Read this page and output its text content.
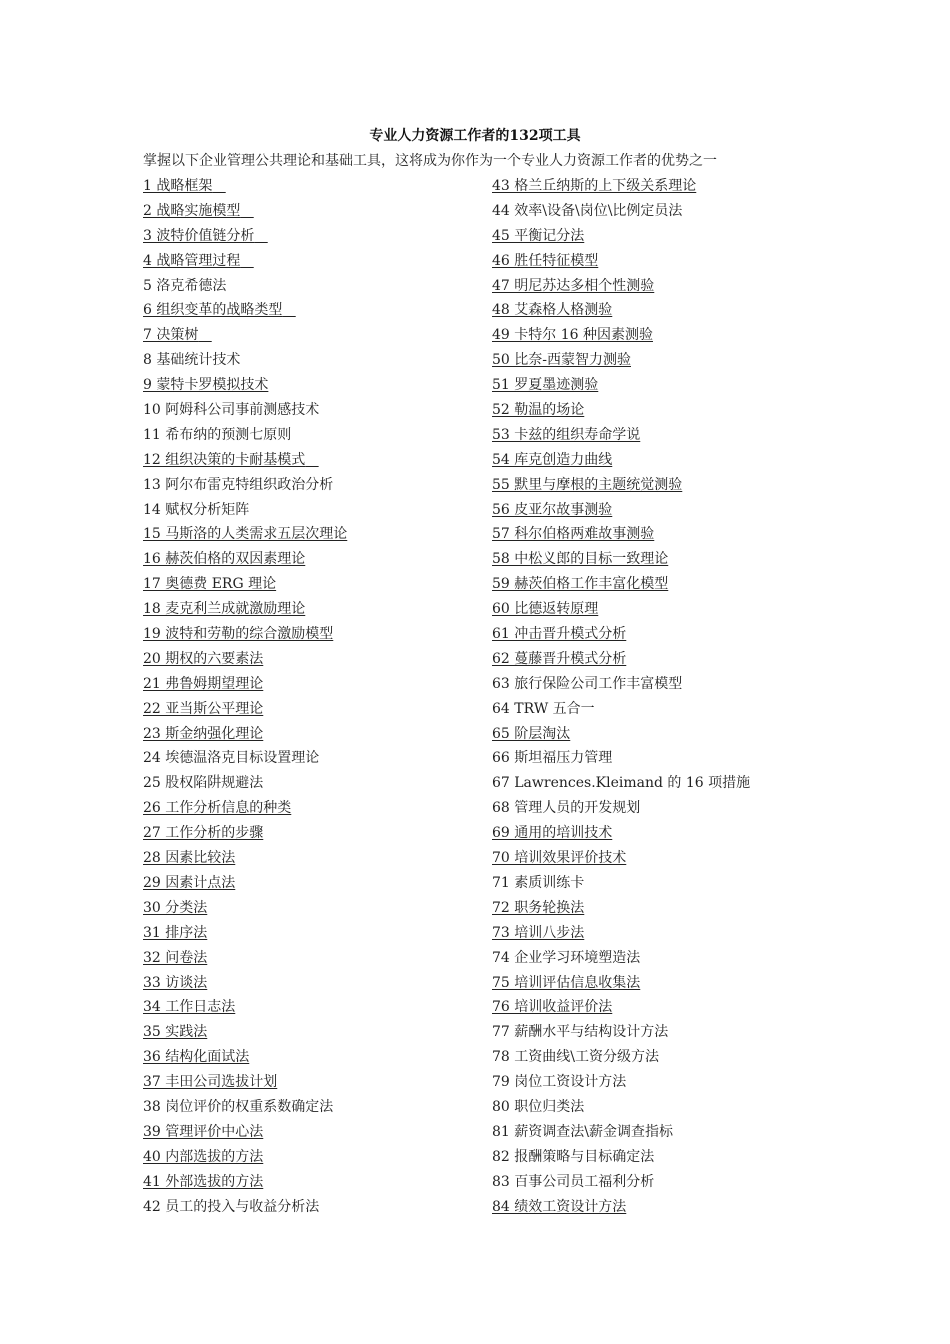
专业人力资源工作者的132项工具
掌握以下企业管理公共理论和基础工具，这将成为你作为一个专业人力资源工作者的优势之一
1 战略框架
2 战略实施模型
3 波特价值链分析
4 战略管理过程
5 洛克希德法
6 组织变革的战略类型
7 决策树
8 基础统计技术
9 蒙特卡罗模拟技术
10 阿姆科公司事前测感技术
11 希布纳的预测七原则
12 组织决策的卡耐基模式
13 阿尔布雷克特组织政治分析
14 赋权分析矩阵
15 马斯洛的人类需求五层次理论
16 赫茨伯格的双因素理论
17 奥德费 ERG 理论
18 麦克利兰成就激励理论
19 波特和劳勒的综合激励模型
20 期权的六要素法
21 弗鲁姆期望理论
22 亚当斯公平理论
23 斯金纳强化理论
24 埃德温洛克目标设置理论
25 股权陷阱规避法
26 工作分析信息的种类
27 工作分析的步骤
28 因素比较法
29 因素计点法
30 分类法
31 排序法
32 问卷法
33 访谈法
34 工作日志法
35 实践法
36 结构化面试法
37 丰田公司选拔计划
38 岗位评价的权重系数确定法
39 管理评价中心法
40 内部选拔的方法
41 外部选拔的方法
42 员工的投入与收益分析法
43 格兰丘纳斯的上下级关系理论
44 效率\设备\岗位\比例定员法
45 平衡记分法
46 胜任特征模型
47 明尼苏达多相个性测验
48 艾森格人格测验
49 卡特尔 16 种因素测验
50 比奈-西蒙智力测验
51 罗夏墨迹测验
52 勒温的场论
53 卡兹的组织寿命学说
54 库克创造力曲线
55 默里与摩根的主题统觉测验
56 皮亚尔故事测验
57 科尔伯格两难故事测验
58 中松义郎的目标一致理论
59 赫茨伯格工作丰富化模型
60 比德返转原理
61 冲击晋升模式分析
62 蔓藤晋升模式分析
63 旅行保险公司工作丰富模型
64 TRW 五合一
65 阶层淘汰
66 斯坦福压力管理
67 Lawrences.Kleimand 的 16 项措施
68 管理人员的开发规划
69 通用的培训技术
70 培训效果评价技术
71 素质训练卡
72 职务轮换法
73 培训八步法
74 企业学习环境塑造法
75 培训评估信息收集法
76 培训收益评价法
77 薪酬水平与结构设计方法
78 工资曲线\工资分级方法
79 岗位工资设计方法
80 职位归类法
81 薪资调查法\薪金调查指标
82 报酬策略与目标确定法
83 百事公司员工福利分析
84 绩效工资设计方法
